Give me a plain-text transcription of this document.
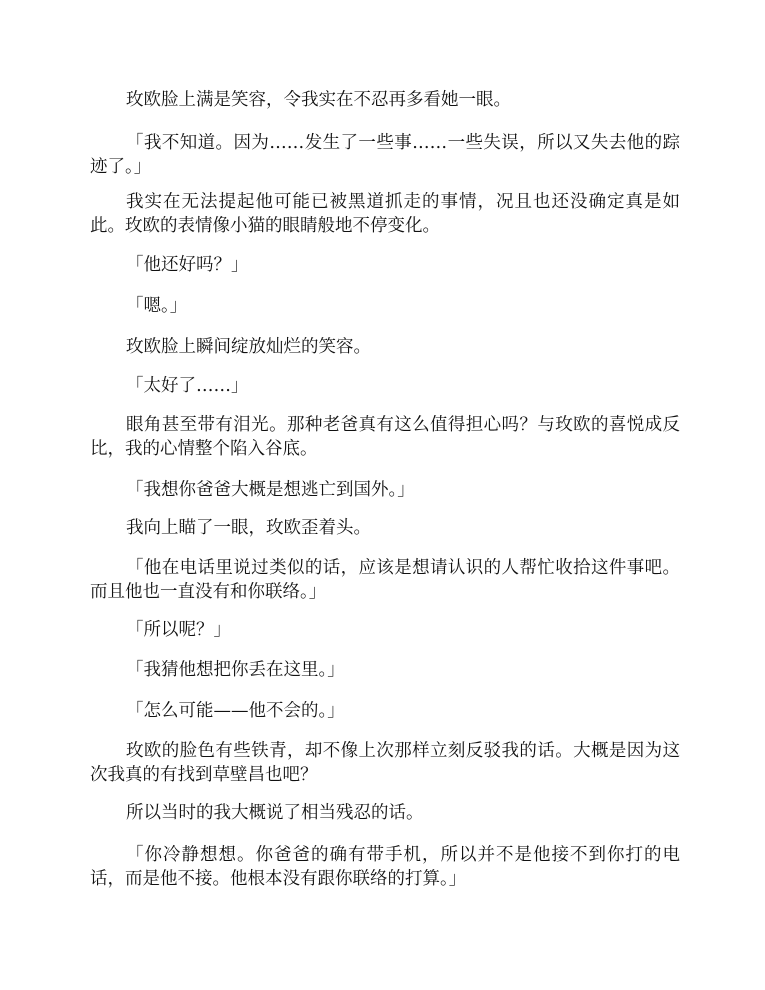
玫欧脸上满是笑容，令我实在不忍再多看她一眼。

「我不知道。因为……发生了一些事……一些失误，所以又失去他的踪迹了。」

我实在无法提起他可能已被黑道抓走的事情，况且也还没确定真是如此。玫欧的表情像小猫的眼睛般地不停变化。

「他还好吗？」

「嗯。」

玫欧脸上瞬间绽放灿烂的笑容。

「太好了……」

眼角甚至带有泪光。那种老爸真有这么值得担心吗？与玫欧的喜悦成反比，我的心情整个陷入谷底。

「我想你爸爸大概是想逃亡到国外。」

我向上瞄了一眼，玫欧歪着头。

「他在电话里说过类似的话，应该是想请认识的人帮忙收拾这件事吧。而且他也一直没有和你联络。」

「所以呢？」

「我猜他想把你丢在这里。」

「怎么可能——他不会的。」

玫欧的脸色有些铁青，却不像上次那样立刻反驳我的话。大概是因为这次我真的有找到草壁昌也吧？

所以当时的我大概说了相当残忍的话。

「你冷静想想。你爸爸的确有带手机，所以并不是他接不到你打的电话，而是他不接。他根本没有跟你联络的打算。」
